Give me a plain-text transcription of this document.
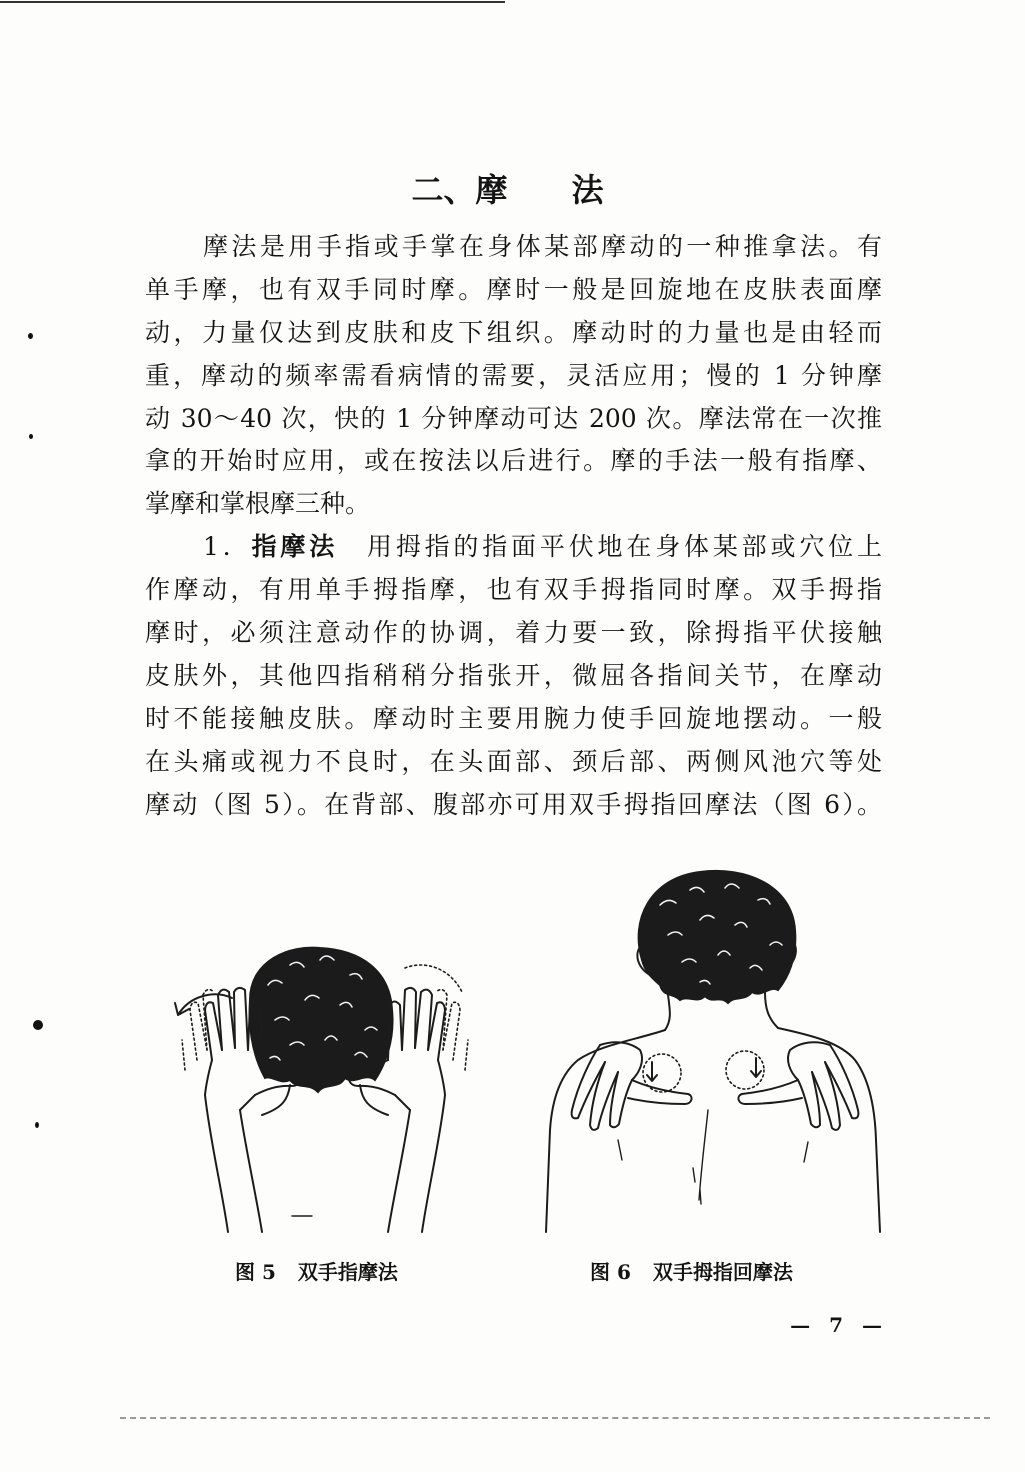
二、摩　　法
摩法是用手指或手掌在身体某部摩动的一种推拿法。有
单手摩，也有双手同时摩。摩时一般是回旋地在皮肤表面摩
动，力量仅达到皮肤和皮下组织。摩动时的力量也是由轻而
重，摩动的频率需看病情的需要，灵活应用；慢的 1 分钟摩
动 30～40 次，快的 1 分钟摩动可达 200 次。摩法常在一次推
拿的开始时应用，或在按法以后进行。摩的手法一般有指摩、
掌摩和掌根摩三种。
1．指摩法　 用拇指的指面平伏地在身体某部或穴位上
作摩动，有用单手拇指摩，也有双手拇指同时摩。双手拇指
摩时，必须注意动作的协调，着力要一致，除拇指平伏接触
皮肤外，其他四指稍稍分指张开，微屈各指间关节，在摩动
时不能接触皮肤。摩动时主要用腕力使手回旋地摆动。一般
在头痛或视力不良时，在头面部、颈后部、两侧风池穴等处
摩动（图 5）。在背部、腹部亦可用双手拇指回摩法（图 6）。
图 5 双手指摩法	图 6 双手拇指回摩法
— 7 —
